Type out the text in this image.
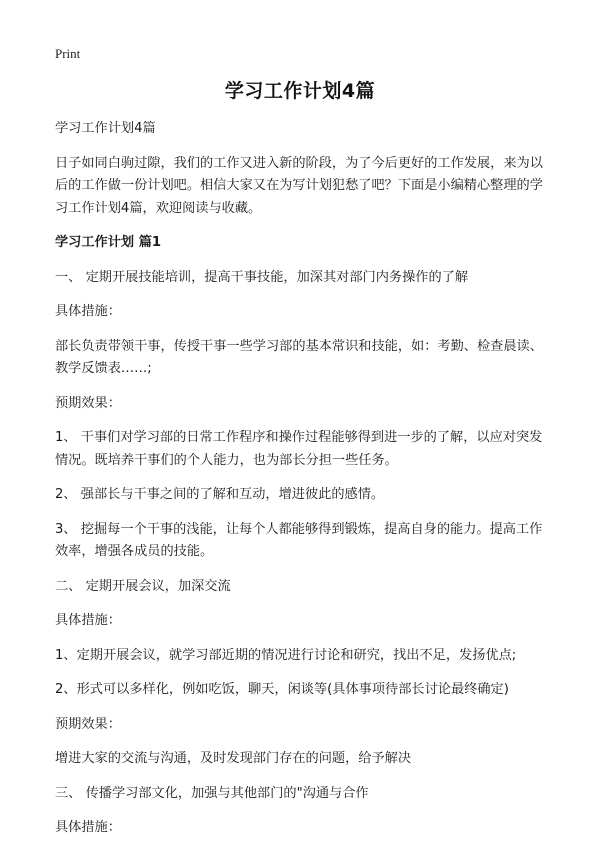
Print
学习工作计划4篇

学习工作计划4篇

日子如同白驹过隙，我们的工作又进入新的阶段，为了今后更好的工作发展，来为以后的工作做一份计划吧。相信大家又在为写计划犯愁了吧？下面是小编精心整理的学习工作计划4篇，欢迎阅读与收藏。

学习工作计划 篇1

一、 定期开展技能培训，提高干事技能，加深其对部门内务操作的了解

具体措施：

部长负责带领干事，传授干事一些学习部的基本常识和技能，如：考勤、检查晨读、教学反馈表……;

预期效果：

1、 干事们对学习部的日常工作程序和操作过程能够得到进一步的了解，以应对突发情况。既培养干事们的个人能力，也为部长分担一些任务。

2、 强部长与干事之间的了解和互动，增进彼此的感情。

3、 挖掘每一个干事的浅能，让每个人都能够得到锻炼，提高自身的能力。提高工作效率，增强各成员的技能。

二、 定期开展会议，加深交流

具体措施：

1、定期开展会议，就学习部近期的情况进行讨论和研究，找出不足，发扬优点;

2、形式可以多样化，例如吃饭，聊天，闲谈等(具体事项待部长讨论最终确定)

预期效果：

增进大家的交流与沟通，及时发现部门存在的问题，给予解决

三、 传播学习部文化，加强与其他部门的"沟通与合作

具体措施：
